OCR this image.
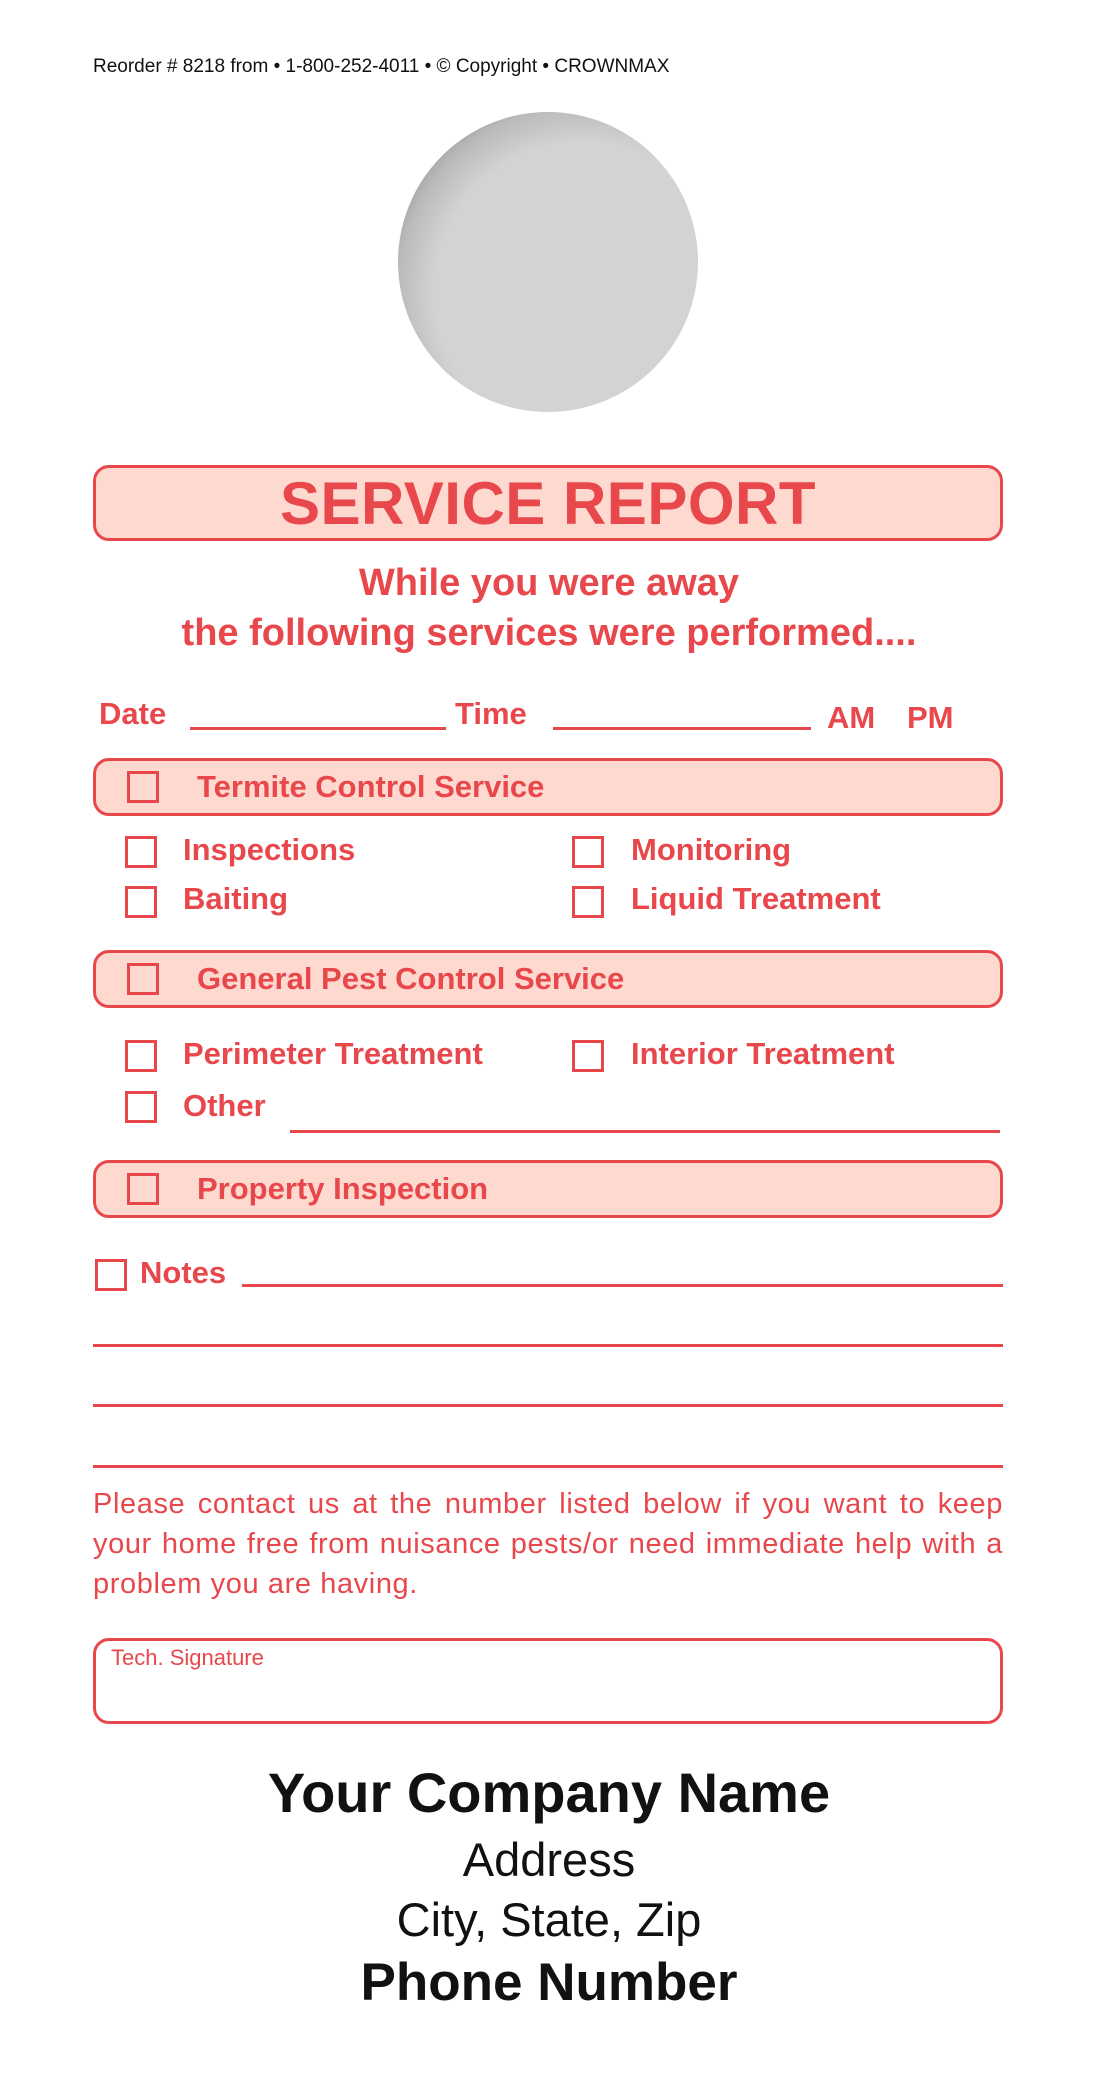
Reorder # 8218 from • 1-800-252-4011 • © Copyright • CROWNMAX
SERVICE REPORT
While you were away
the following services were performed....
Date	Time	AM PM
Termite Control Service
Inspections	Monitoring
Baiting	Liquid Treatment
General Pest Control Service
Perimeter Treatment	Interior Treatment
Other
Property Inspection
Notes
Please contact us at the number listed below if you want to keep your home free from nuisance pests/or need immediate help with a problem you are having.
Tech. Signature
Your Company Name
Address
City, State, Zip
Phone Number
